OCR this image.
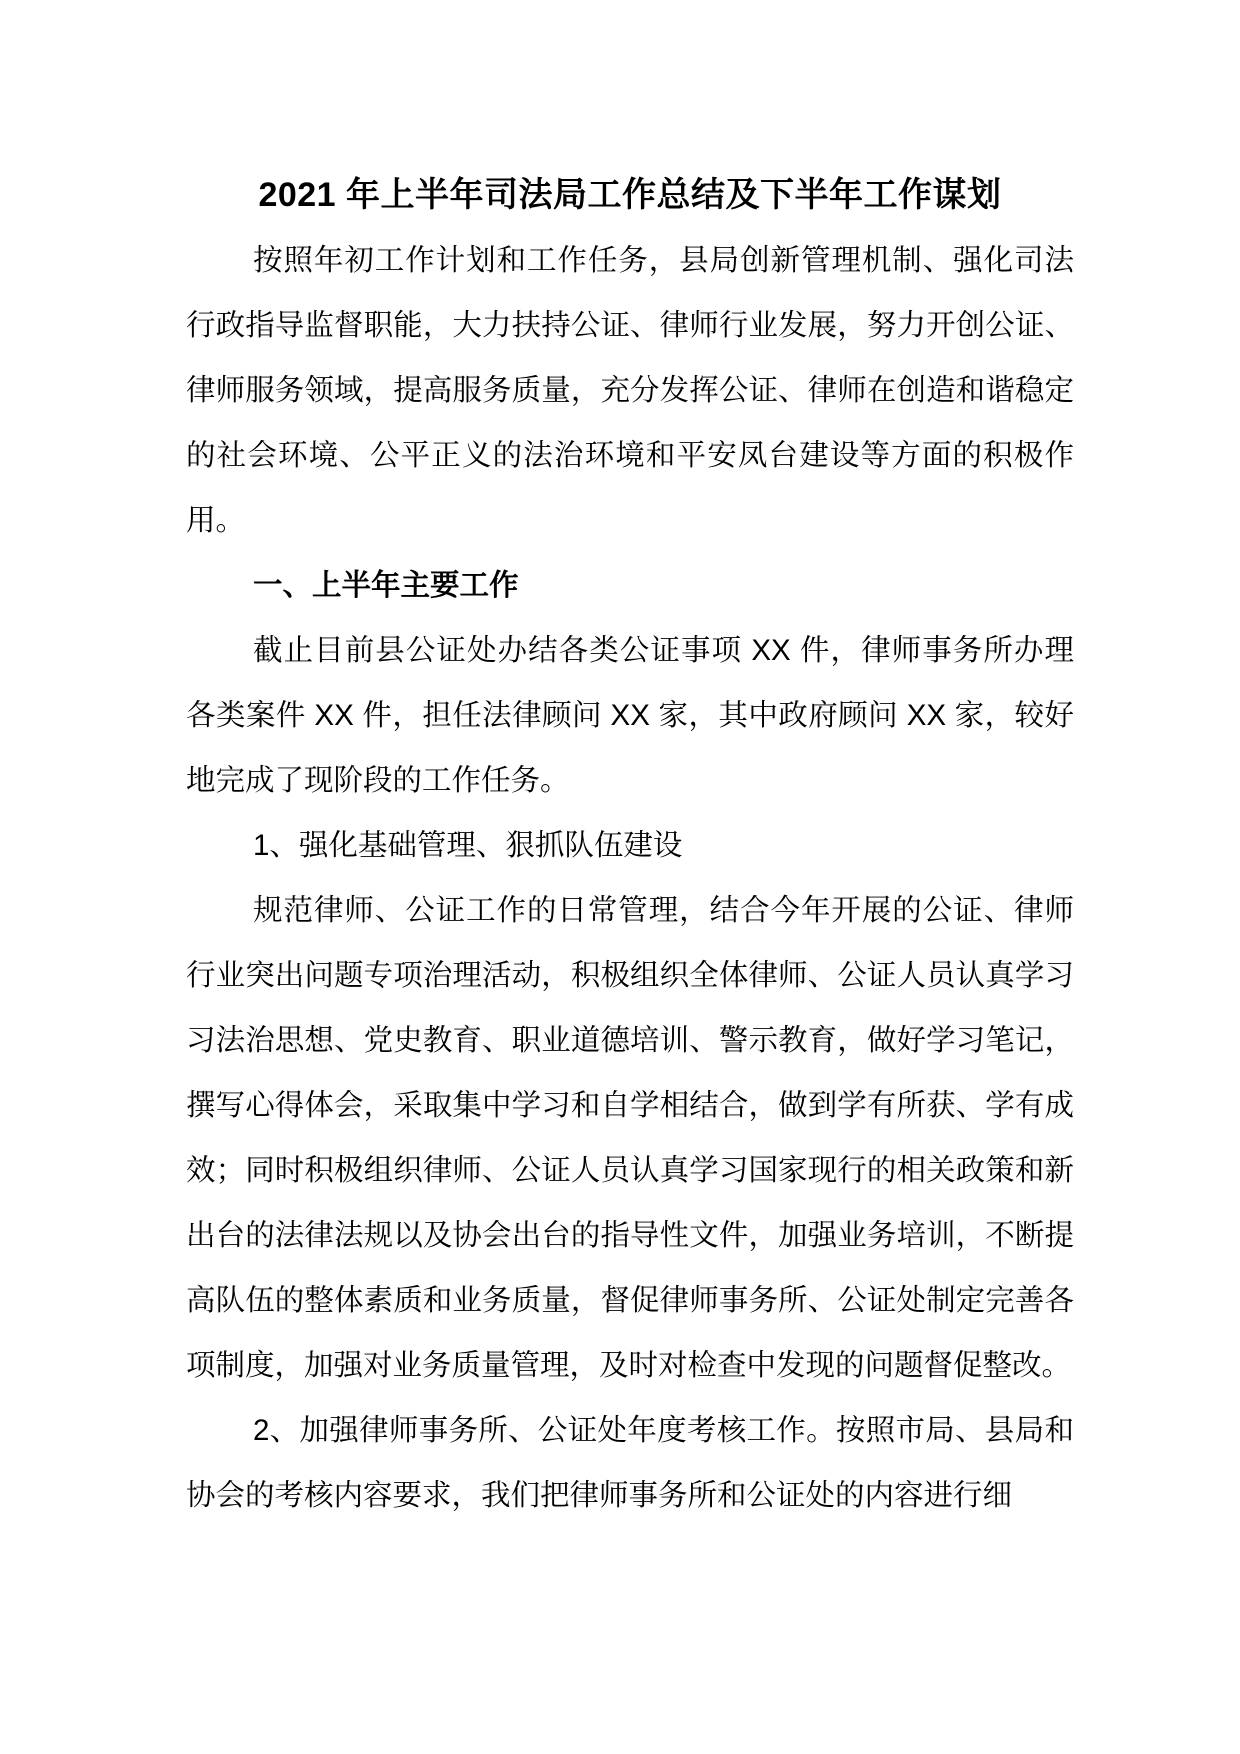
2021 年上半年司法局工作总结及下半年工作谋划

按照年初工作计划和工作任务，县局创新管理机制、强化司法行政指导监督职能，大力扶持公证、律师行业发展，努力开创公证、律师服务领域，提高服务质量，充分发挥公证、律师在创造和谐稳定的社会环境、公平正义的法治环境和平安凤台建设等方面的积极作用。

一、上半年主要工作

截止目前县公证处办结各类公证事项 XX 件，律师事务所办理各类案件 XX 件，担任法律顾问 XX 家，其中政府顾问 XX 家，较好地完成了现阶段的工作任务。

1、强化基础管理、狠抓队伍建设

规范律师、公证工作的日常管理，结合今年开展的公证、律师行业突出问题专项治理活动，积极组织全体律师、公证人员认真学习习法治思想、党史教育、职业道德培训、警示教育，做好学习笔记，撰写心得体会，采取集中学习和自学相结合，做到学有所获、学有成效；同时积极组织律师、公证人员认真学习国家现行的相关政策和新出台的法律法规以及协会出台的指导性文件，加强业务培训，不断提高队伍的整体素质和业务质量，督促律师事务所、公证处制定完善各项制度，加强对业务质量管理，及时对检查中发现的问题督促整改。

2、加强律师事务所、公证处年度考核工作。按照市局、县局和协会的考核内容要求，我们把律师事务所和公证处的内容进行细
